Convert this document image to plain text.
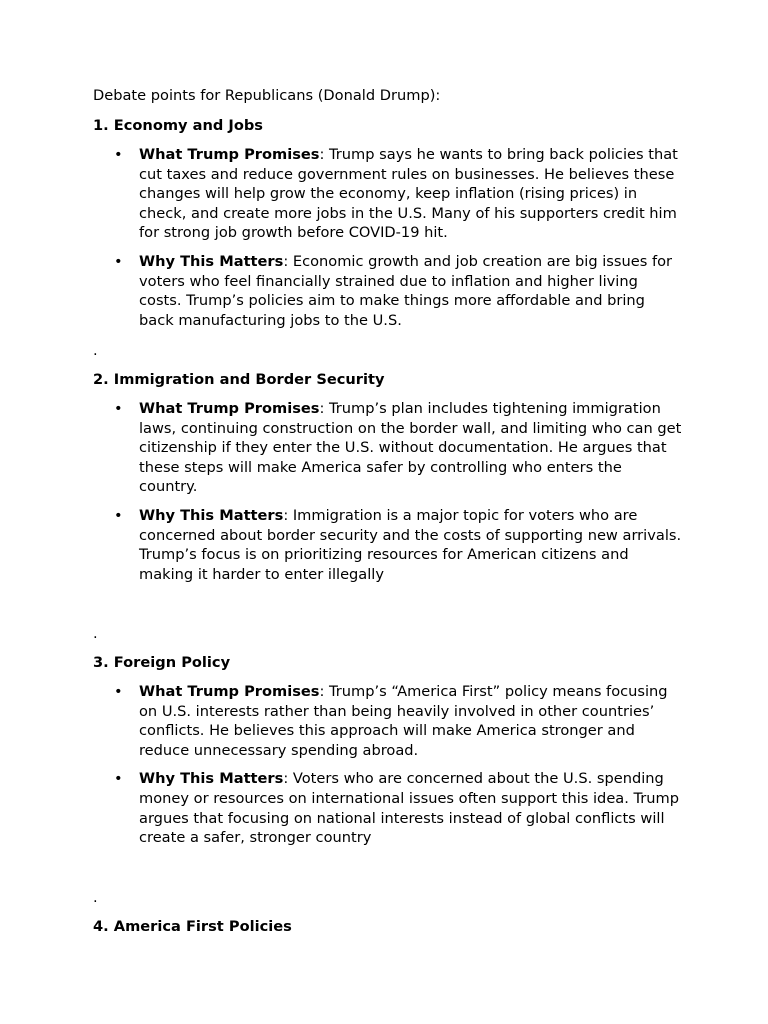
Debate points for Republicans (Donald Drump):

1. Economy and Jobs

• What Trump Promises: Trump says he wants to bring back policies that cut taxes and reduce government rules on businesses. He believes these changes will help grow the economy, keep inflation (rising prices) in check, and create more jobs in the U.S. Many of his supporters credit him for strong job growth before COVID-19 hit.
• Why This Matters: Economic growth and job creation are big issues for voters who feel financially strained due to inflation and higher living costs. Trump’s policies aim to make things more affordable and bring back manufacturing jobs to the U.S.

.

2. Immigration and Border Security

• What Trump Promises: Trump’s plan includes tightening immigration laws, continuing construction on the border wall, and limiting who can get citizenship if they enter the U.S. without documentation. He argues that these steps will make America safer by controlling who enters the country.
• Why This Matters: Immigration is a major topic for voters who are concerned about border security and the costs of supporting new arrivals. Trump’s focus is on prioritizing resources for American citizens and making it harder to enter illegally

.

3. Foreign Policy

• What Trump Promises: Trump’s “America First” policy means focusing on U.S. interests rather than being heavily involved in other countries’ conflicts. He believes this approach will make America stronger and reduce unnecessary spending abroad.
• Why This Matters: Voters who are concerned about the U.S. spending money or resources on international issues often support this idea. Trump argues that focusing on national interests instead of global conflicts will create a safer, stronger country

.

4. America First Policies
